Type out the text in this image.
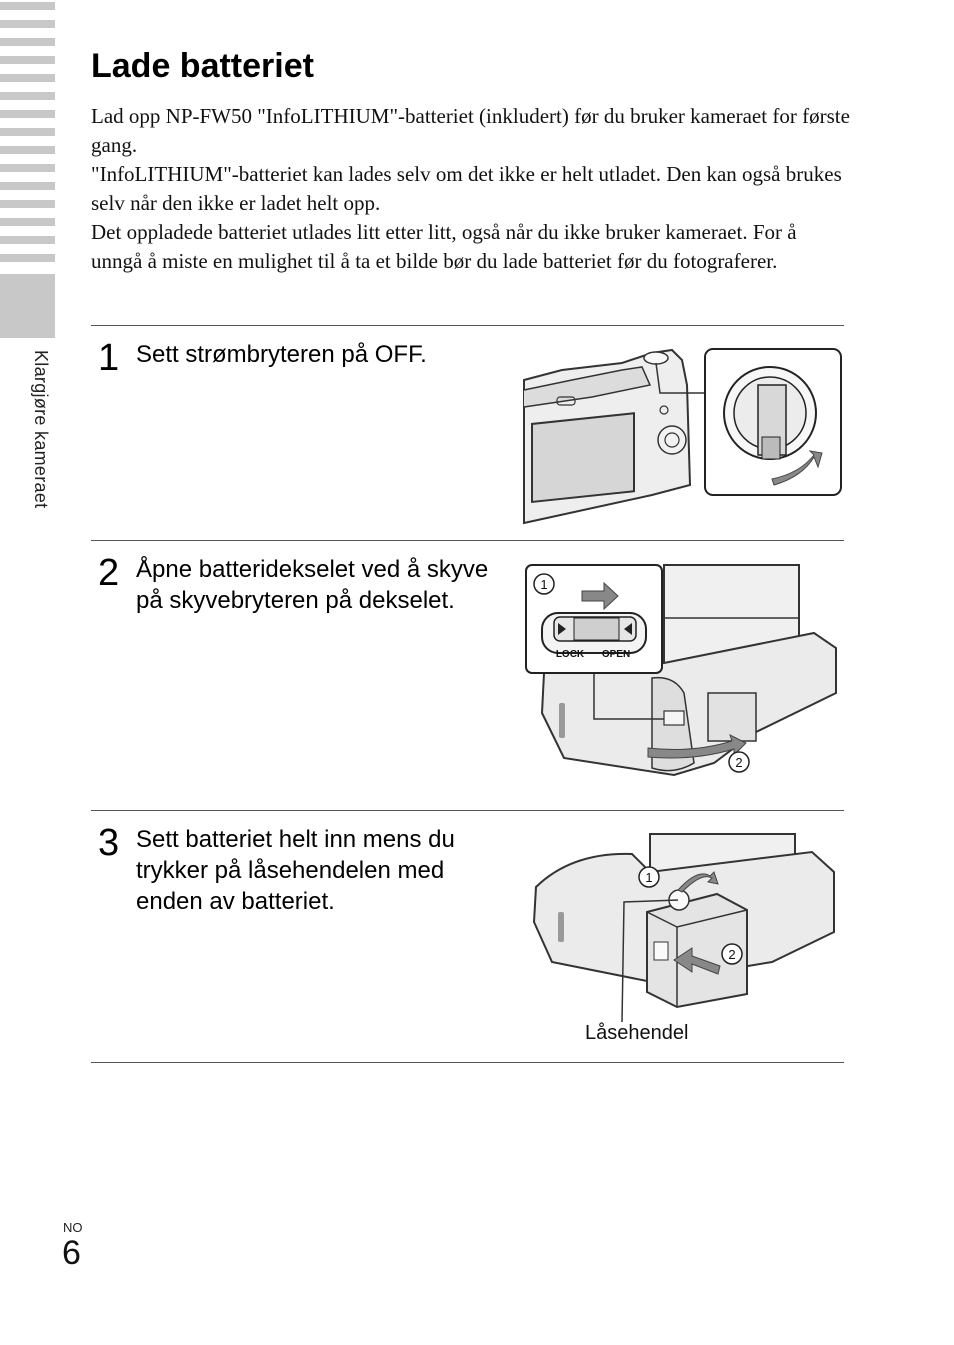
Klargjøre kameraet
Lade batteriet

Lad opp NP-FW50 "InfoLITHIUM"-batteriet (inkludert) før du bruker kameraet for første gang.

"InfoLITHIUM"-batteriet kan lades selv om det ikke er helt utladet. Den kan også brukes selv når den ikke er ladet helt opp.

Det oppladede batteriet utlades litt etter litt, også når du ikke bruker kameraet. For å unngå å miste en mulighet til å ta et bilde bør du lade batteriet før du fotograferer.

1 Sett strømbryteren på OFF.
2 Åpne batteridekselet ved å skyve på skyvebryteren på dekselet.
1
LOCK OPEN
2
3 Sett batteriet helt inn mens du trykker på låsehendelen med enden av batteriet.
1
2
Låsehendel
NO
6
